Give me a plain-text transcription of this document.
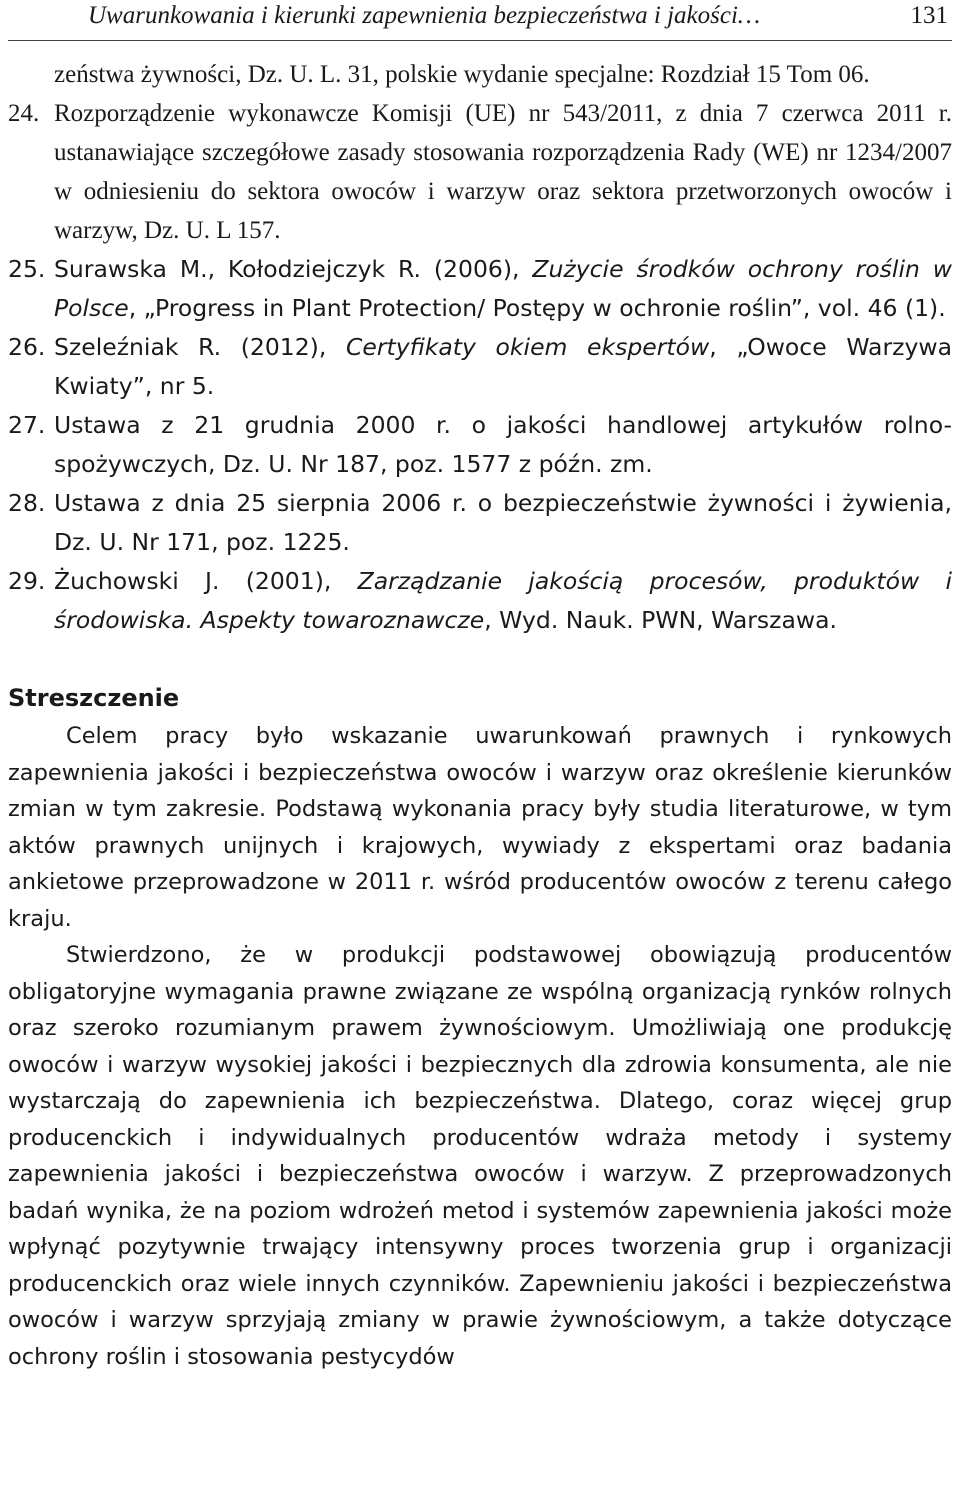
Uwarunkowania i kierunki zapewnienia bezpieczeństwa i jakości…	131
zeństwa żywności, Dz. U. L. 31, polskie wydanie specjalne: Rozdział 15 Tom 06.
24. Rozporządzenie wykonawcze Komisji (UE) nr 543/2011, z dnia 7 czerwca 2011 r. ustanawiające szczegółowe zasady stosowania rozporządzenia Rady (WE) nr 1234/2007 w odniesieniu do sektora owoców i warzyw oraz sektora przetworzonych owoców i warzyw, Dz. U. L 157.
25. Surawska M., Kołodziejczyk R. (2006), Zużycie środków ochrony roślin w Polsce, „Progress in Plant Protection/ Postępy w ochronie roślin”, vol. 46 (1).
26. Szeleźniak R. (2012), Certyfikaty okiem ekspertów, „Owoce Warzywa Kwiaty”, nr 5.
27. Ustawa z 21 grudnia 2000 r. o jakości handlowej artykułów rolno-spożywczych, Dz. U. Nr 187, poz. 1577 z późn. zm.
28. Ustawa z dnia 25 sierpnia 2006 r. o bezpieczeństwie żywności i żywienia, Dz. U. Nr 171, poz. 1225.
29. Żuchowski J. (2001), Zarządzanie jakością procesów, produktów i środowiska. Aspekty towaroznawcze, Wyd. Nauk. PWN, Warszawa.
Streszczenie

Celem pracy było wskazanie uwarunkowań prawnych i rynkowych zapewnienia jakości i bezpieczeństwa owoców i warzyw oraz określenie kierunków zmian w tym zakresie. Podstawą wykonania pracy były studia literaturowe, w tym aktów prawnych unijnych i krajowych, wywiady z ekspertami oraz badania ankietowe przeprowadzone w 2011 r. wśród producentów owoców z terenu całego kraju.

Stwierdzono, że w produkcji podstawowej obowiązują producentów obligatoryjne wymagania prawne związane ze wspólną organizacją rynków rolnych oraz szeroko rozumianym prawem żywnościowym. Umożliwiają one produkcję owoców i warzyw wysokiej jakości i bezpiecznych dla zdrowia konsumenta, ale nie wystarczają do zapewnienia ich bezpieczeństwa. Dlatego, coraz więcej grup producenckich i indywidualnych producentów wdraża metody i systemy zapewnienia jakości i bezpieczeństwa owoców i warzyw. Z przeprowadzonych badań wynika, że na poziom wdrożeń metod i systemów zapewnienia jakości może wpłynąć pozytywnie trwający intensywny proces tworzenia grup i organizacji producenckich oraz wiele innych czynników. Zapewnieniu jakości i bezpieczeństwa owoców i warzyw sprzyjają zmiany w prawie żywnościowym, a także dotyczące ochrony roślin i stosowania pestycydów
